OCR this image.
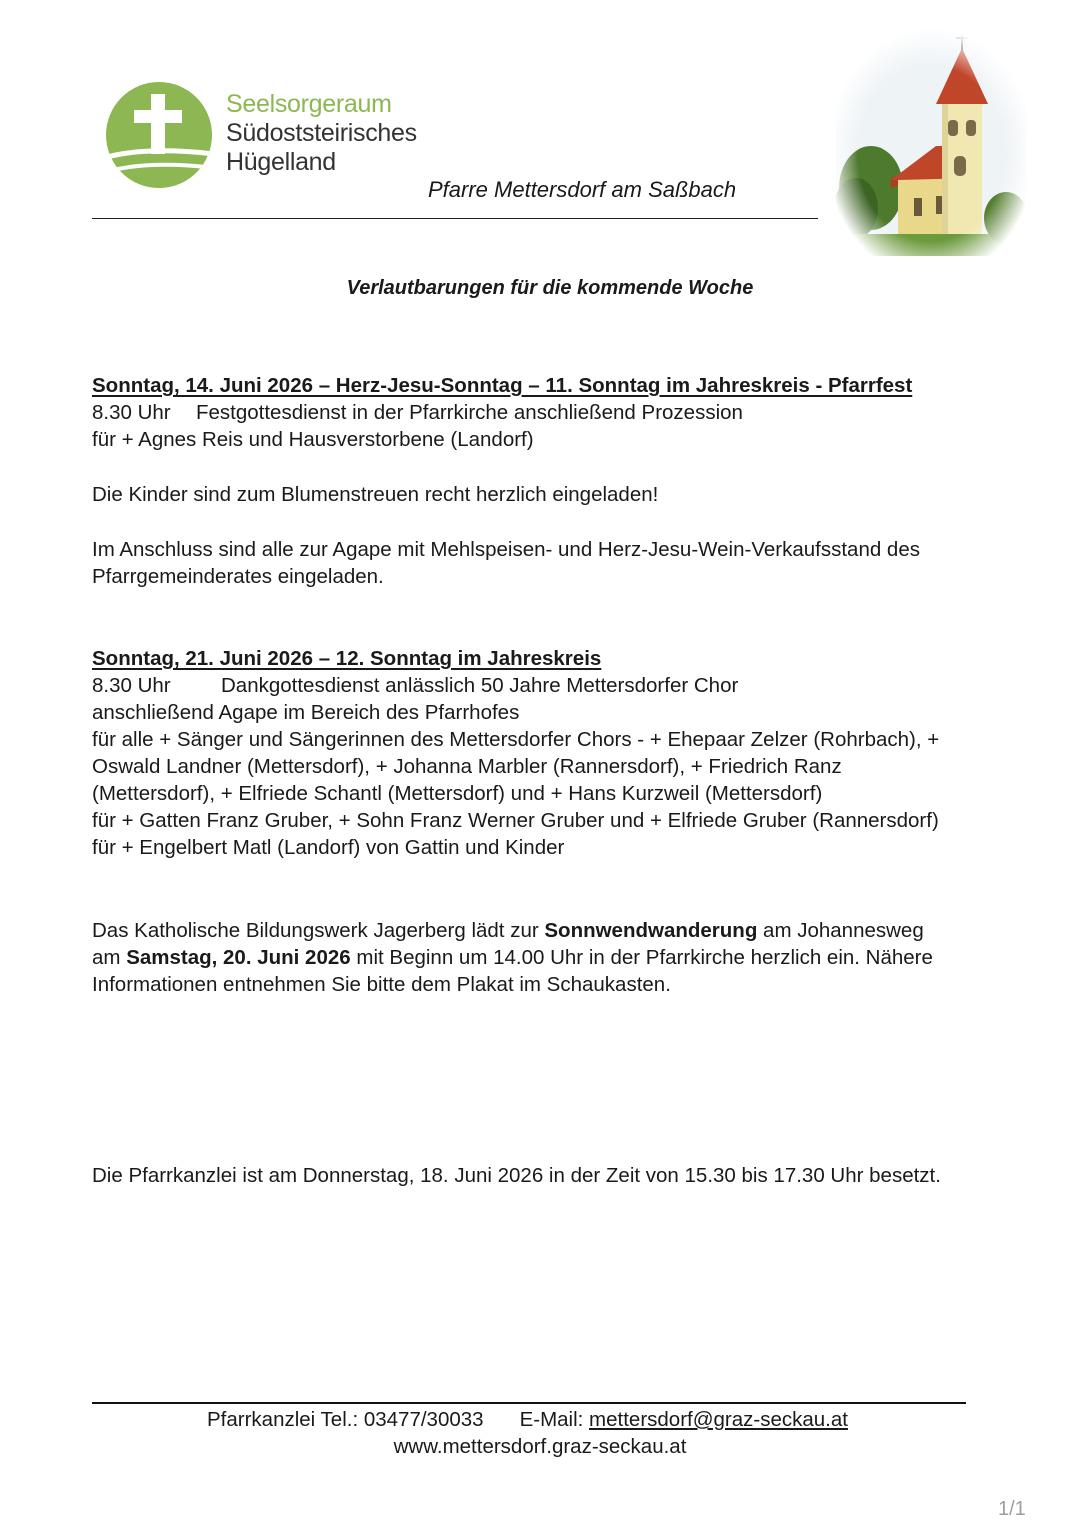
Seelsorgeraum
Südoststeirisches
Hügelland
Pfarre Mettersdorf am Saßbach
Verlautbarungen für die kommende Woche
Sonntag, 14. Juni 2026 – Herz-Jesu-Sonntag – 11. Sonntag im Jahreskreis - Pfarrfest
8.30 Uhr Festgottesdienst in der Pfarrkirche anschließend Prozession
für + Agnes Reis und Hausverstorbene (Landorf)
Die Kinder sind zum Blumenstreuen recht herzlich eingeladen!
Im Anschluss sind alle zur Agape mit Mehlspeisen- und Herz-Jesu-Wein-Verkaufsstand des
Pfarrgemeinderates eingeladen.
Sonntag, 21. Juni 2026 – 12. Sonntag im Jahreskreis
8.30 Uhr Dankgottesdienst anlässlich 50 Jahre Mettersdorfer Chor
anschließend Agape im Bereich des Pfarrhofes
für alle + Sänger und Sängerinnen des Mettersdorfer Chors - + Ehepaar Zelzer (Rohrbach), +
Oswald Landner (Mettersdorf), + Johanna Marbler (Rannersdorf), + Friedrich Ranz
(Mettersdorf), + Elfriede Schantl (Mettersdorf) und + Hans Kurzweil (Mettersdorf)
für + Gatten Franz Gruber, + Sohn Franz Werner Gruber und + Elfriede Gruber (Rannersdorf)
für + Engelbert Matl (Landorf) von Gattin und Kinder
Das Katholische Bildungswerk Jagerberg lädt zur Sonnwendwanderung am Johannesweg
am Samstag, 20. Juni 2026 mit Beginn um 14.00 Uhr in der Pfarrkirche herzlich ein. Nähere
Informationen entnehmen Sie bitte dem Plakat im Schaukasten.
Die Pfarrkanzlei ist am Donnerstag, 18. Juni 2026 in der Zeit von 15.30 bis 17.30 Uhr besetzt.
Pfarrkanzlei Tel.: 03477/30033 E-Mail: mettersdorf@graz-seckau.at
www.mettersdorf.graz-seckau.at
1/1
